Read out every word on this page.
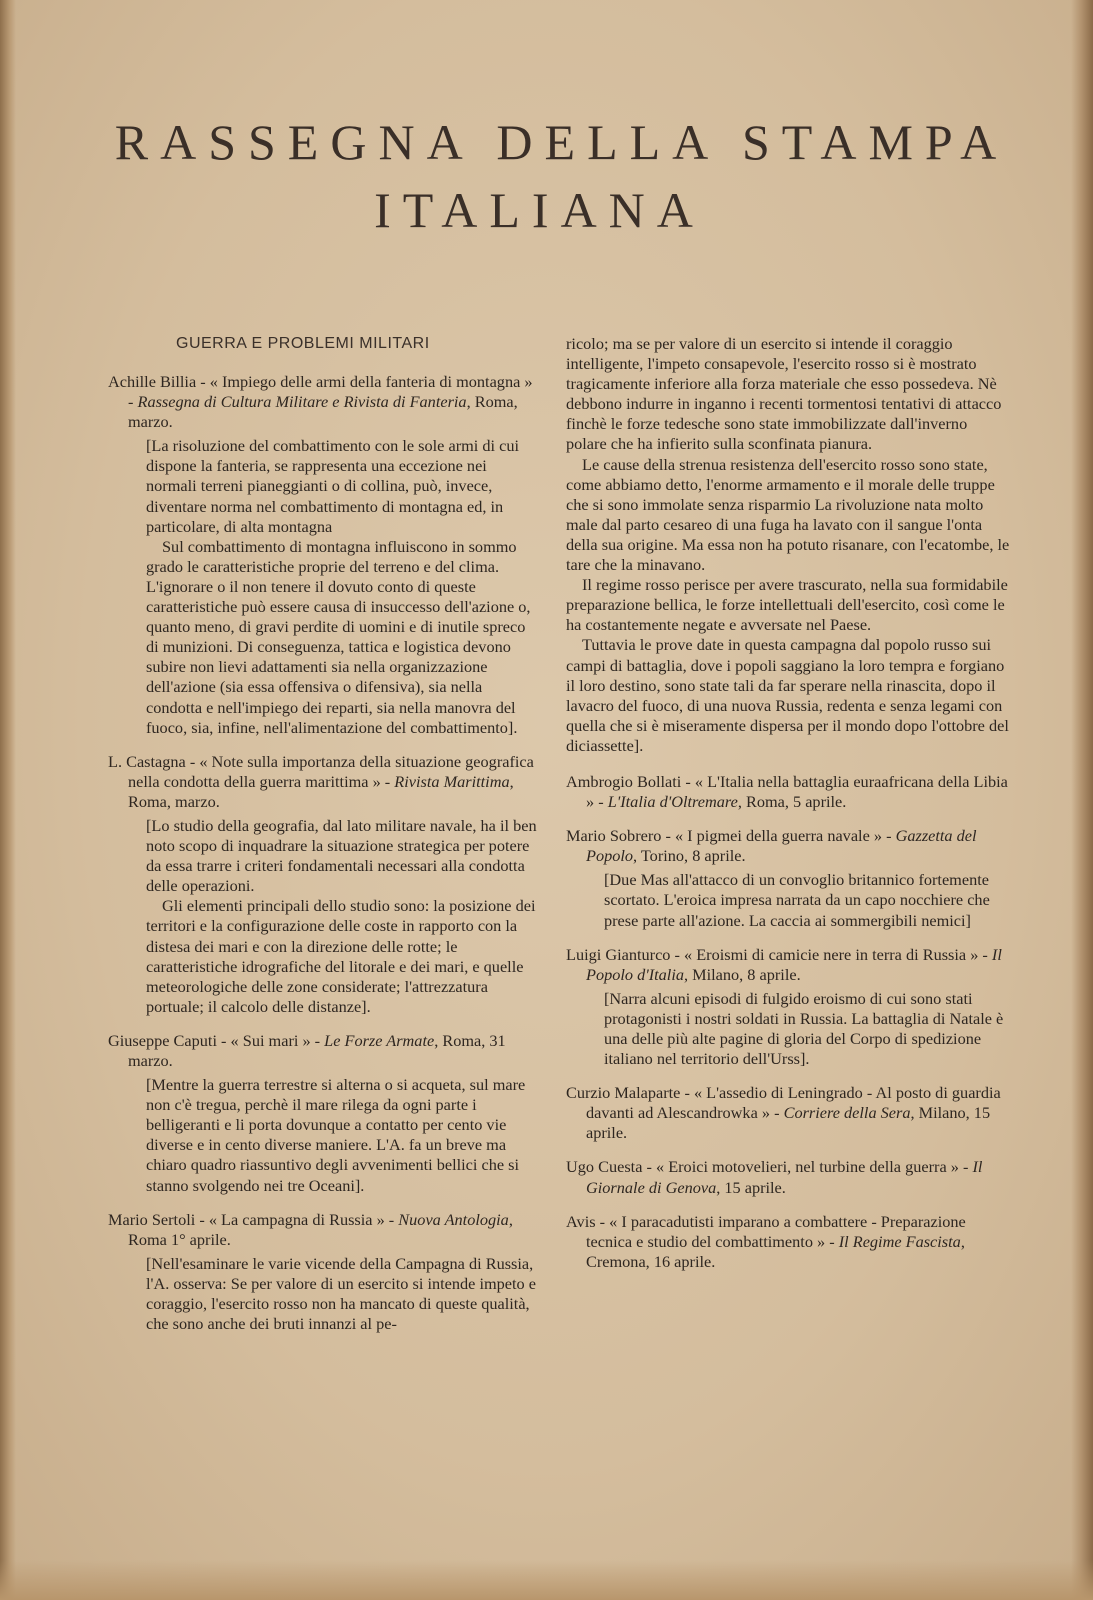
RASSEGNA DELLA STAMPA
ITALIANA
GUERRA E PROBLEMI MILITARI

Achille Billia - « Impiego delle armi della fanteria di montagna » - Rassegna di Cultura Militare e Rivista di Fanteria, Roma, marzo.

[La risoluzione del combattimento con le sole armi di cui dispone la fanteria, se rappresenta una eccezione nei normali terreni pianeggianti o di collina, può, invece, diventare norma nel combattimento di montagna ed, in particolare, di alta montagna

Sul combattimento di montagna influiscono in sommo grado le caratteristiche proprie del terreno e del clima. L'ignorare o il non tenere il dovuto conto di queste caratteristiche può essere causa di insuccesso dell'azione o, quanto meno, di gravi perdite di uomini e di inutile spreco di munizioni. Di conseguenza, tattica e logistica devono subire non lievi adattamenti sia nella organizzazione dell'azione (sia essa offensiva o difensiva), sia nella condotta e nell'impiego dei reparti, sia nella manovra del fuoco, sia, infine, nell'alimentazione del combattimento].

L. Castagna - « Note sulla importanza della situazione geografica nella condotta della guerra marittima » - Rivista Marittima, Roma, marzo.

[Lo studio della geografia, dal lato militare navale, ha il ben noto scopo di inquadrare la situazione strategica per potere da essa trarre i criteri fondamentali necessari alla condotta delle operazioni.

Gli elementi principali dello studio sono: la posizione dei territori e la configurazione delle coste in rapporto con la distesa dei mari e con la direzione delle rotte; le caratteristiche idrografiche del litorale e dei mari, e quelle meteorologiche delle zone considerate; l'attrezzatura portuale; il calcolo delle distanze].

Giuseppe Caputi - « Sui mari » - Le Forze Armate, Roma, 31 marzo.

[Mentre la guerra terrestre si alterna o si acqueta, sul mare non c'è tregua, perchè il mare rilega da ogni parte i belligeranti e li porta dovunque a contatto per cento vie diverse e in cento diverse maniere. L'A. fa un breve ma chiaro quadro riassuntivo degli avvenimenti bellici che si stanno svolgendo nei tre Oceani].

Mario Sertoli - « La campagna di Russia » - Nuova Antologia, Roma 1° aprile.

[Nell'esaminare le varie vicende della Campagna di Russia, l'A. osserva: Se per valore di un esercito si intende impeto e coraggio, l'esercito rosso non ha mancato di queste qualità, che sono anche dei bruti innanzi al pe-

ricolo; ma se per valore di un esercito si intende il coraggio intelligente, l'impeto consapevole, l'esercito rosso si è mostrato tragicamente inferiore alla forza materiale che esso possedeva. Nè debbono indurre in inganno i recenti tormentosi tentativi di attacco finchè le forze tedesche sono state immobilizzate dall'inverno polare che ha infierito sulla sconfinata pianura.

Le cause della strenua resistenza dell'esercito rosso sono state, come abbiamo detto, l'enorme armamento e il morale delle truppe che si sono immolate senza risparmio La rivoluzione nata molto male dal parto cesareo di una fuga ha lavato con il sangue l'onta della sua origine. Ma essa non ha potuto risanare, con l'ecatombe, le tare che la minavano.

Il regime rosso perisce per avere trascurato, nella sua formidabile preparazione bellica, le forze intellettuali dell'esercito, così come le ha costantemente negate e avversate nel Paese.

Tuttavia le prove date in questa campagna dal popolo russo sui campi di battaglia, dove i popoli saggiano la loro tempra e forgiano il loro destino, sono state tali da far sperare nella rinascita, dopo il lavacro del fuoco, di una nuova Russia, redenta e senza legami con quella che si è miseramente dispersa per il mondo dopo l'ottobre del diciassette].

Ambrogio Bollati - « L'Italia nella battaglia euraafricana della Libia » - L'Italia d'Oltremare, Roma, 5 aprile.

Mario Sobrero - « I pigmei della guerra navale » - Gazzetta del Popolo, Torino, 8 aprile.

[Due Mas all'attacco di un convoglio britannico fortemente scortato. L'eroica impresa narrata da un capo nocchiere che prese parte all'azione. La caccia ai sommergibili nemici]

Luigi Gianturco - « Eroismi di camicie nere in terra di Russia » - Il Popolo d'Italia, Milano, 8 aprile.

[Narra alcuni episodi di fulgido eroismo di cui sono stati protagonisti i nostri soldati in Russia. La battaglia di Natale è una delle più alte pagine di gloria del Corpo di spedizione italiano nel territorio dell'Urss].

Curzio Malaparte - « L'assedio di Leningrado - Al posto di guardia davanti ad Alescandrowka » - Corriere della Sera, Milano, 15 aprile.

Ugo Cuesta - « Eroici motovelieri, nel turbine della guerra » - Il Giornale di Genova, 15 aprile.

Avis - « I paracadutisti imparano a combattere - Preparazione tecnica e studio del combattimento » - Il Regime Fascista, Cremona, 16 aprile.
